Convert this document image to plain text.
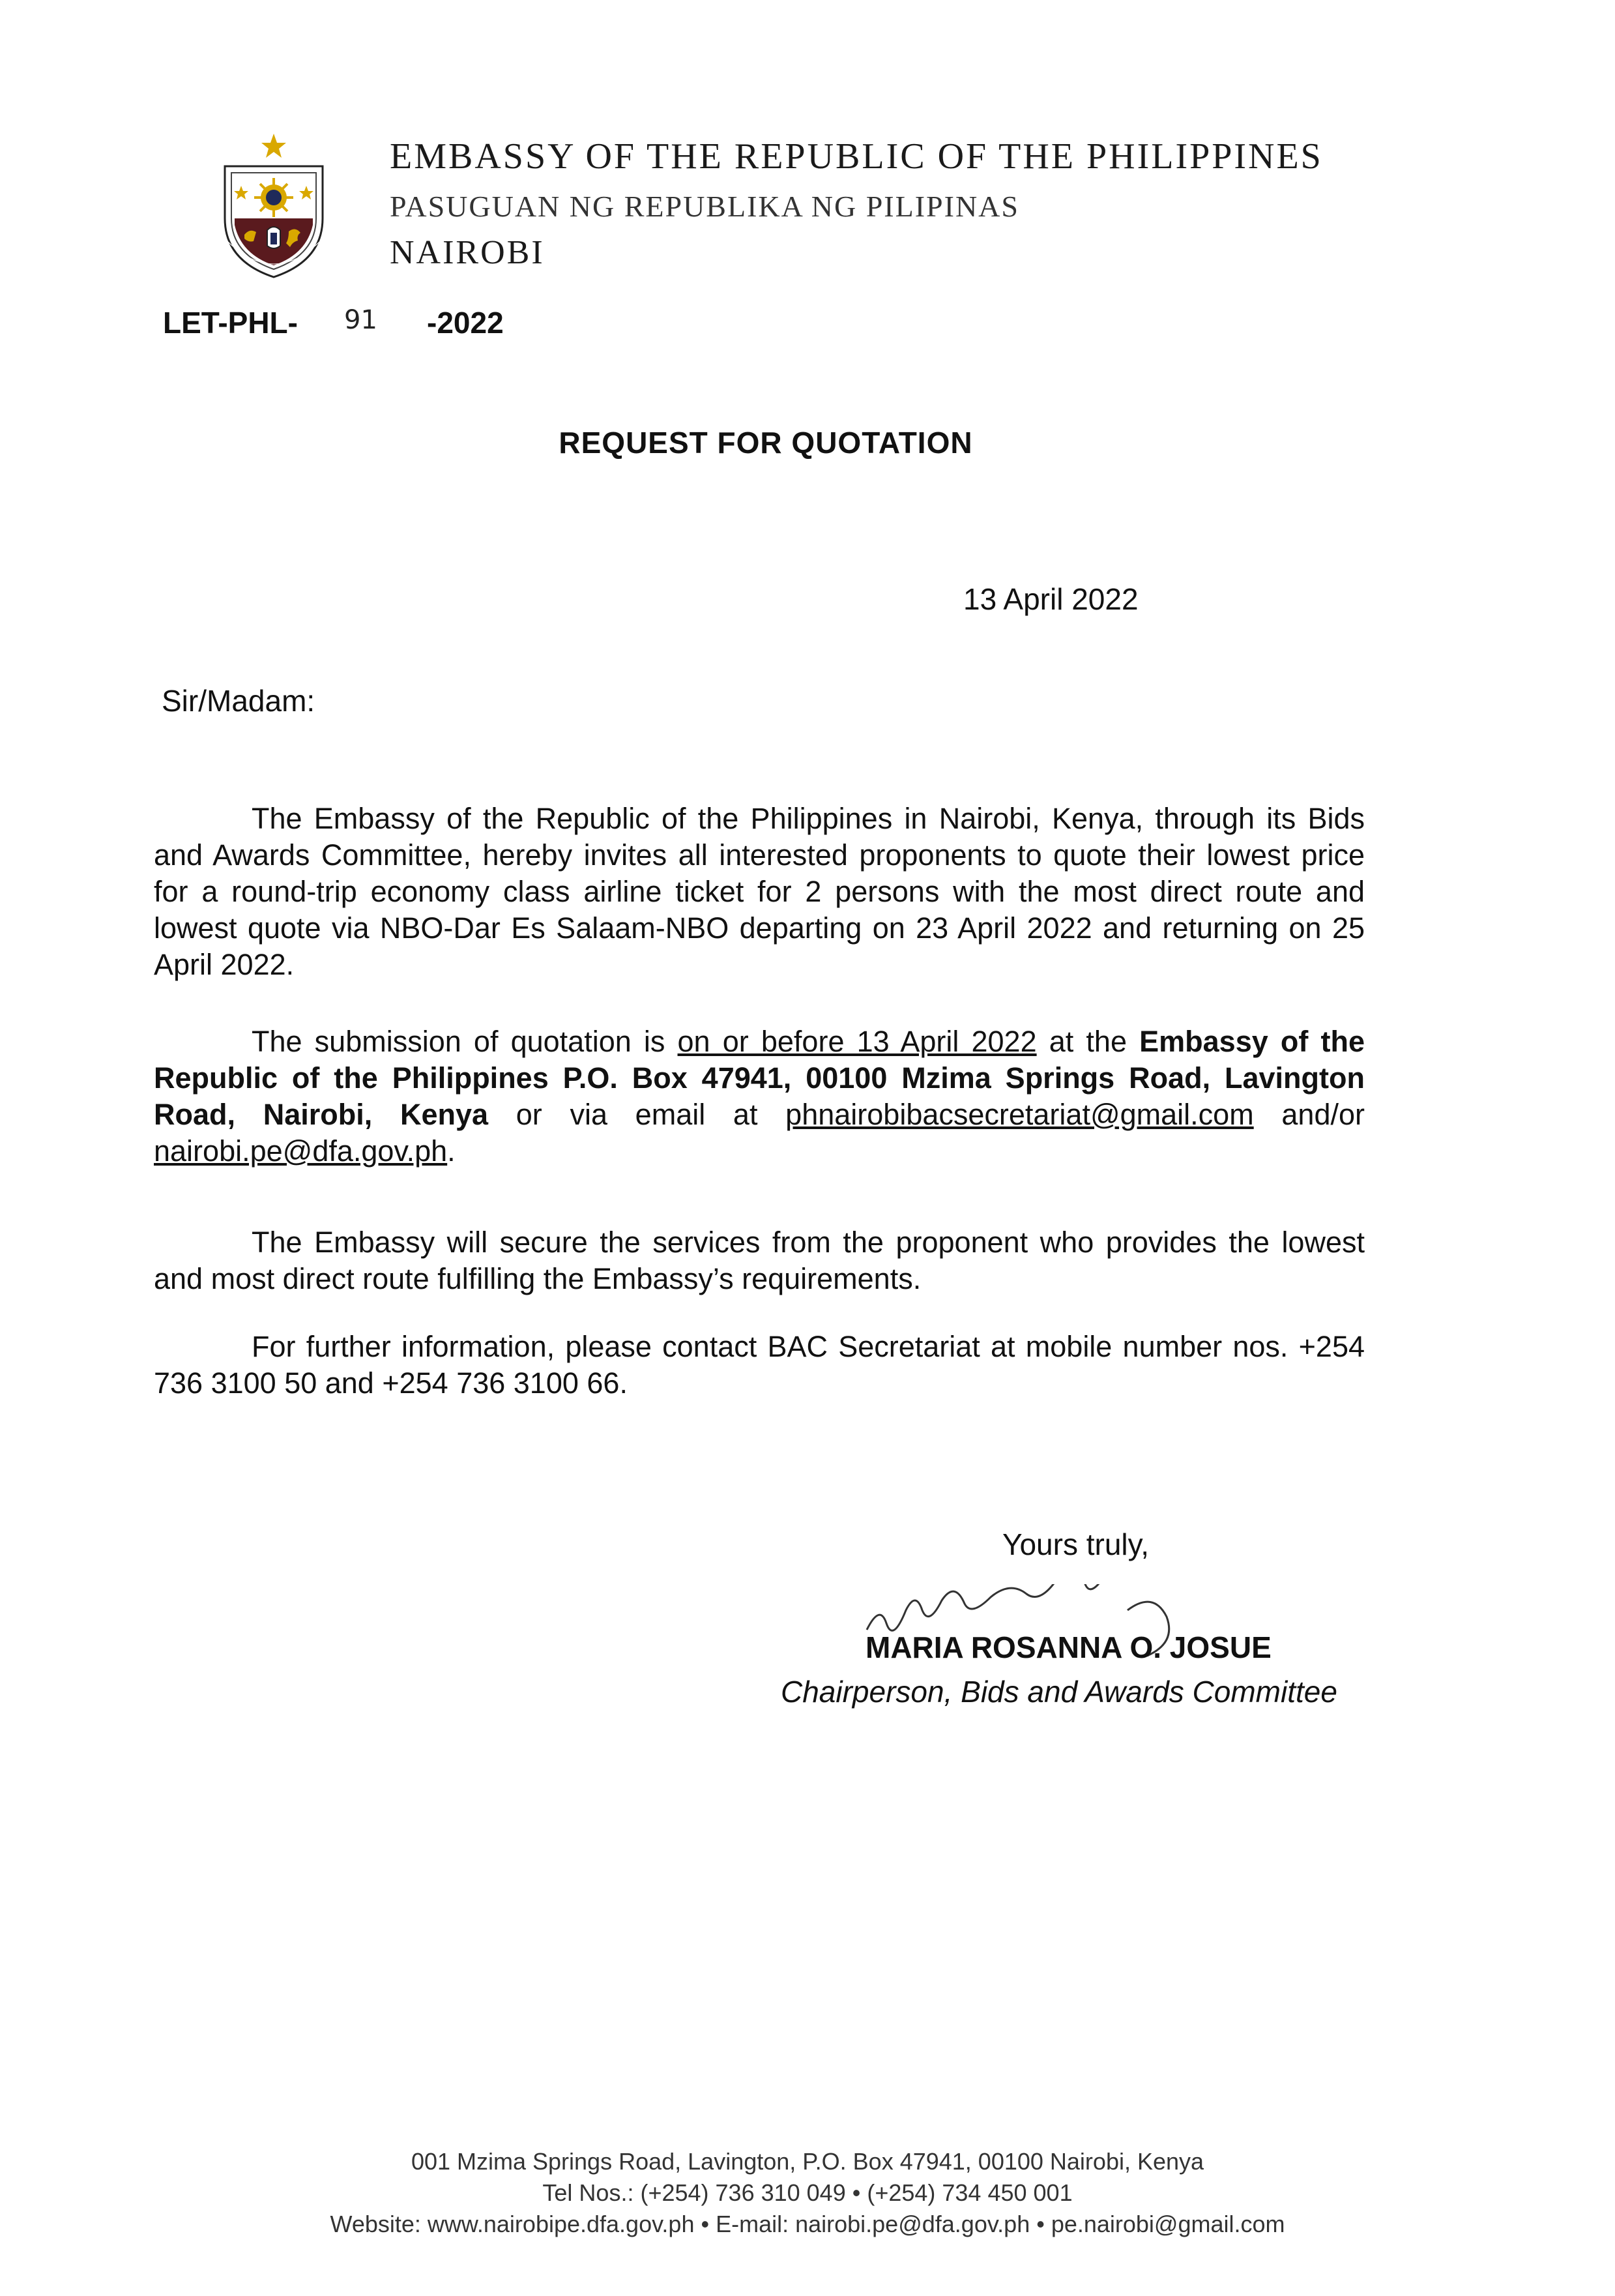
EMBASSY OF THE REPUBLIC OF THE PHILIPPINES
PASUGUAN NG REPUBLIKA NG PILIPINAS
NAIROBI
LET-PHL- 91 -2022
REQUEST FOR QUOTATION
13 April 2022
Sir/Madam:

The Embassy of the Republic of the Philippines in Nairobi, Kenya, through its Bids and Awards Committee, hereby invites all interested proponents to quote their lowest price for a round-trip economy class airline ticket for 2 persons with the most direct route and lowest quote via NBO-Dar Es Salaam-NBO departing on 23 April 2022 and returning on 25 April 2022.

The submission of quotation is on or before 13 April 2022 at the Embassy of the Republic of the Philippines P.O. Box 47941, 00100 Mzima Springs Road, Lavington Road, Nairobi, Kenya or via email at phnairobibacsecretariat@gmail.com and/or nairobi.pe@dfa.gov.ph.

The Embassy will secure the services from the proponent who provides the lowest and most direct route fulfilling the Embassy’s requirements.

For further information, please contact BAC Secretariat at mobile number nos. +254 736 3100 50 and +254 736 3100 66.

Yours truly,
MARIA ROSANNA O. JOSUE
Chairperson, Bids and Awards Committee
001 Mzima Springs Road, Lavington, P.O. Box 47941, 00100 Nairobi, Kenya
Tel Nos.: (+254) 736 310 049 • (+254) 734 450 001
Website: www.nairobipe.dfa.gov.ph • E-mail: nairobi.pe@dfa.gov.ph • pe.nairobi@gmail.com
